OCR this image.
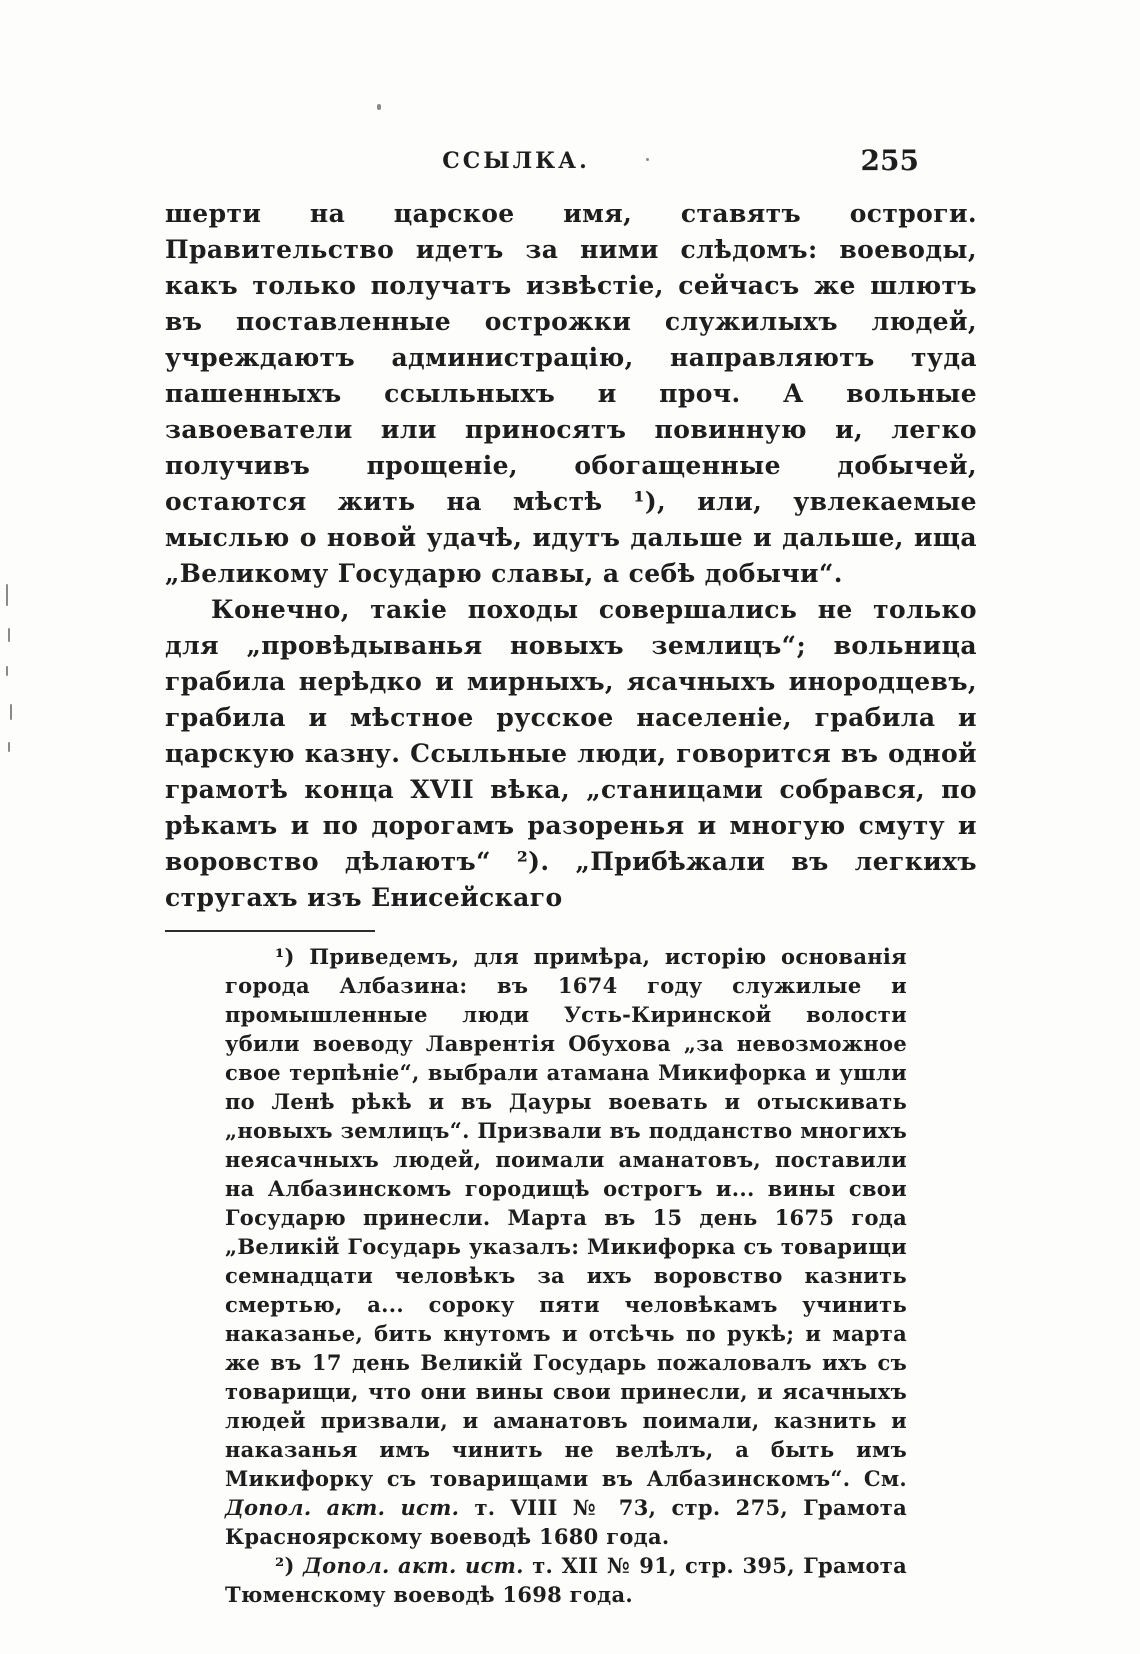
ССЫЛКА.	255

шерти на царское имя, ставятъ остроги. Правительство идетъ за ними слѣдомъ: воеводы, какъ только получатъ извѣстіе, сейчасъ же шлютъ въ поставленные острожки служилыхъ людей, учреждаютъ администрацію, направляютъ туда пашенныхъ ссыльныхъ и проч. А вольные завоеватели или приносятъ повинную и, легко получивъ прощеніе, обогащенные добычей, остаются жить на мѣстѣ ¹), или, увлекаемые мыслью о новой удачѣ, идутъ дальше и дальше, ища „Великому Государю славы, а себѣ добычи“.

Конечно, такіе походы совершались не только для „провѣдыванья новыхъ землицъ“; вольница грабила нерѣдко и мирныхъ, ясачныхъ инородцевъ, грабила и мѣстное русское населеніе, грабила и царскую казну. Ссыльные люди, говорится въ одной грамотѣ конца XVII вѣка, „станицами собрався, по рѣкамъ и по дорогамъ разоренья и многую смуту и воровство дѣлаютъ“ ²). „Прибѣжали въ легкихъ стругахъ изъ Енисейскаго

¹) Приведемъ, для примѣра, исторію основанія города Албазина: въ 1674 году служилые и промышленные люди Усть-Киринской волости убили воеводу Лаврентія Обухова „за невозможное свое терпѣніе“, выбрали атамана Микифорка и ушли по Ленѣ рѣкѣ и въ Дауры воевать и отыскивать „новыхъ землицъ“. Призвали въ подданство многихъ неясачныхъ людей, поимали аманатовъ, поставили на Албазинскомъ городищѣ острогъ и... вины свои Государю принесли. Марта въ 15 день 1675 года „Великій Государь указалъ: Микифорка съ товарищи семнадцати человѣкъ за ихъ воровство казнить смертью, а... сороку пяти человѣкамъ учинить наказанье, бить кнутомъ и отсѣчь по рукѣ; и марта же въ 17 день Великій Государь пожаловалъ ихъ съ товарищи, что они вины свои принесли, и ясачныхъ людей призвали, и аманатовъ поимали, казнить и наказанья имъ чинить не велѣлъ, а быть имъ Микифорку съ товарищами въ Албазинскомъ“. См. Допол. акт. ист. т. VIII № 73, стр. 275, Грамота Красноярскому воеводѣ 1680 года.

²) Допол. акт. ист. т. XII № 91, стр. 395, Грамота Тюменскому воеводѣ 1698 года.
